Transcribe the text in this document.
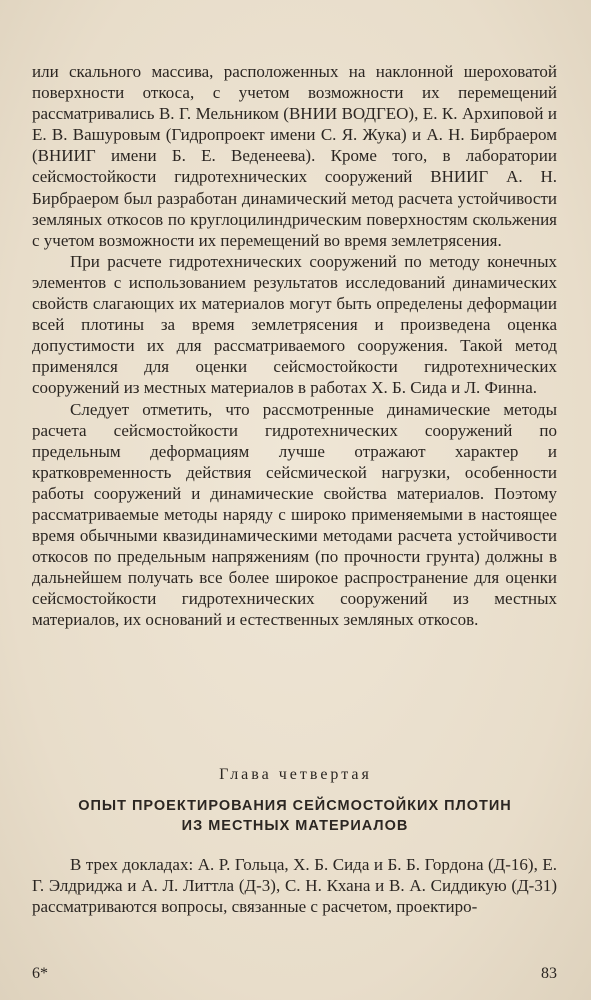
или скального массива, расположенных на наклонной шероховатой поверхности откоса, с учетом возможности их перемещений рассматривались В. Г. Мельником (ВНИИ ВОДГЕО), Е. К. Архиповой и Е. В. Вашуровым (Гидропроект имени С. Я. Жука) и А. Н. Бирбраером (ВНИИГ имени Б. Е. Веденеева). Кроме того, в лаборатории сейсмостойкости гидротехнических сооружений ВНИИГ А. Н. Бирбраером был разработан динамический метод расчета устойчивости земляных откосов по круглоцилиндрическим поверхностям скольжения с учетом возможности их перемещений во время землетрясения.

При расчете гидротехнических сооружений по методу конечных элементов с использованием результатов исследований динамических свойств слагающих их материалов могут быть определены деформации всей плотины за время землетрясения и произведена оценка допустимости их для рассматриваемого сооружения. Такой метод применялся для оценки сейсмостойкости гидротехнических сооружений из местных материалов в работах Х. Б. Сида и Л. Финна.

Следует отметить, что рассмотренные динамические методы расчета сейсмостойкости гидротехнических сооружений по предельным деформациям лучше отражают характер и кратковременность действия сейсмической нагрузки, особенности работы сооружений и динамические свойства материалов. Поэтому рассматриваемые методы наряду с широко применяемыми в настоящее время обычными квазидинамическими методами расчета устойчивости откосов по предельным напряжениям (по прочности грунта) должны в дальнейшем получать все более широкое распространение для оценки сейсмостойкости гидротехнических сооружений из местных материалов, их оснований и естественных земляных откосов.

Глава четвертая
ОПЫТ ПРОЕКТИРОВАНИЯ СЕЙСМОСТОЙКИХ ПЛОТИН
ИЗ МЕСТНЫХ МАТЕРИАЛОВ

В трех докладах: А. Р. Гольца, Х. Б. Сида и Б. Б. Гордона (Д-16), Е. Г. Элдриджа и А. Л. Литтла (Д-3), С. Н. Кхана и В. А. Сиддикую (Д-31) рассматриваются вопросы, связанные с расчетом, проектиро-

6*	83
